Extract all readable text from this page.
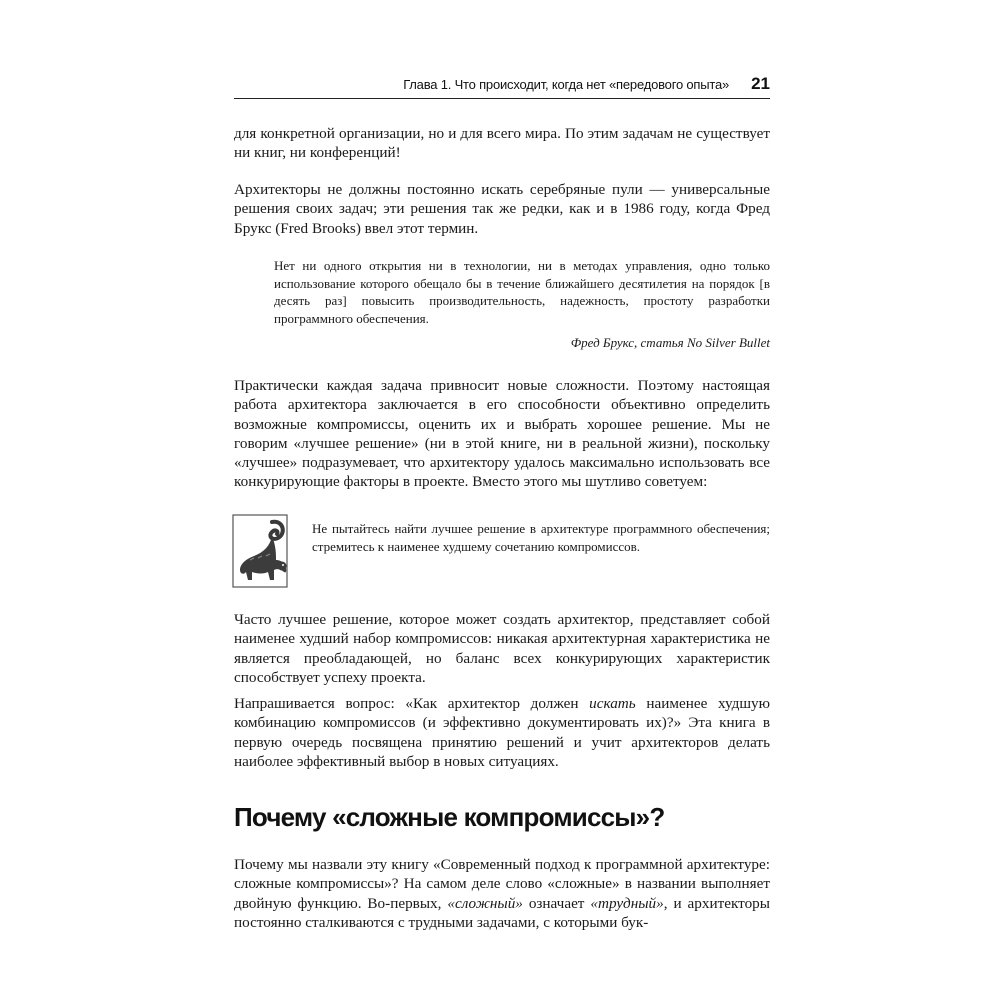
Глава 1. Что происходит, когда нет «передового опыта» 21

для конкретной организации, но и для всего мира. По этим задачам не существует ни книг, ни конференций!

Архитекторы не должны постоянно искать серебряные пули — универсальные решения своих задач; эти решения так же редки, как и в 1986 году, когда Фред Брукс (Fred Brooks) ввел этот термин.

Нет ни одного открытия ни в технологии, ни в методах управления, одно только использование которого обещало бы в течение ближайшего десятилетия на порядок [в десять раз] повысить производительность, надежность, простоту разработки программного обеспечения.

Фред Брукс, статья No Silver Bullet

Практически каждая задача привносит новые сложности. Поэтому настоящая работа архитектора заключается в его способности объективно определить возможные компромиссы, оценить их и выбрать хорошее решение. Мы не говорим «лучшее решение» (ни в этой книге, ни в реальной жизни), поскольку «лучшее» подразумевает, что архитектору удалось максимально использовать все конкурирующие факторы в проекте. Вместо этого мы шутливо советуем:

Не пытайтесь найти лучшее решение в архитектуре программного обеспечения; стремитесь к наименее худшему сочетанию компромиссов.

Часто лучшее решение, которое может создать архитектор, представляет собой наименее худший набор компромиссов: никакая архитектурная характеристика не является преобладающей, но баланс всех конкурирующих характеристик способствует успеху проекта.

Напрашивается вопрос: «Как архитектор должен искать наименее худшую комбинацию компромиссов (и эффективно документировать их)?» Эта книга в первую очередь посвящена принятию решений и учит архитекторов делать наиболее эффективный выбор в новых ситуациях.

Почему «сложные компромиссы»?

Почему мы назвали эту книгу «Современный подход к программной архитектуре: сложные компромиссы»? На самом деле слово «сложные» в названии выполняет двойную функцию. Во-первых, «сложный» означает «трудный», и архитекторы постоянно сталкиваются с трудными задачами, с которыми бук-
